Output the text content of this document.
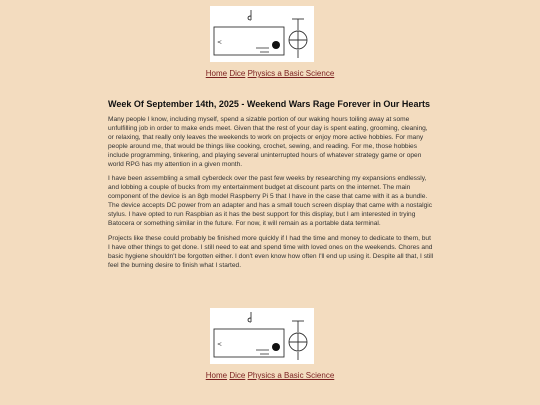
<
Home Dice Physics a Basic Science
Week Of September 14th, 2025 - Weekend Wars Rage Forever in Our Hearts

Many people I know, including myself, spend a sizable portion of our waking hours toiling away at some unfulfilling job in order to make ends meet. Given that the rest of your day is spent eating, grooming, cleaning, or relaxing, that really only leaves the weekends to work on projects or enjoy more active hobbies. For many people around me, that would be things like cooking, crochet, sewing, and reading. For me, those hobbies include programming, tinkering, and playing several uninterrupted hours of whatever strategy game or open world RPG has my attention in a given month.

I have been assembling a small cyberdeck over the past few weeks by researching my expansions endlessly, and lobbing a couple of bucks from my entertainment budget at discount parts on the internet. The main component of the device is an 8gb model Raspberry Pi 5 that I have in the case that came with it as a bundle. The device accepts DC power from an adapter and has a small touch screen display that came with a nostalgic stylus. I have opted to run Raspbian as it has the best support for this display, but I am interested in trying Batocera or something similar in the future. For now, it will remain as a portable data terminal.

Projects like these could probably be finished more quickly if I had the time and money to dedicate to them, but I have other things to get done. I still need to eat and spend time with loved ones on the weekends. Chores and basic hygiene shouldn't be forgotten either. I don't even know how often I'll end up using it. Despite all that, I still feel the burning desire to finish what I started.

<
Home Dice Physics a Basic Science
